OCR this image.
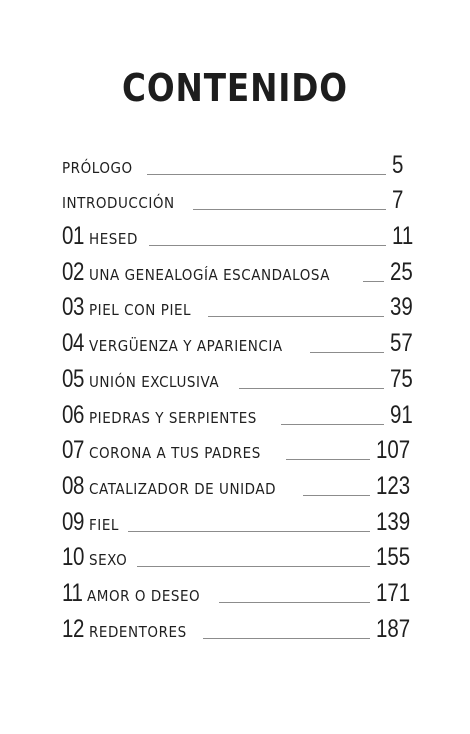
CONTENIDO
PRÓLOGO	5
INTRODUCCIÓN	7
01 HESED	11
02 UNA GENEALOGÍA ESCANDALOSA 25
03 PIEL CON PIEL	39
04 VERGÜENZA Y APARIENCIA	57
05 UNIÓN EXCLUSIVA	75
06 PIEDRAS Y SERPIENTES	91
07 CORONA A TUS PADRES	107
08 CATALIZADOR DE UNIDAD	123
09 FIEL	139
10 SEXO	155
11 AMOR O DESEO	171
12 REDENTORES	187
